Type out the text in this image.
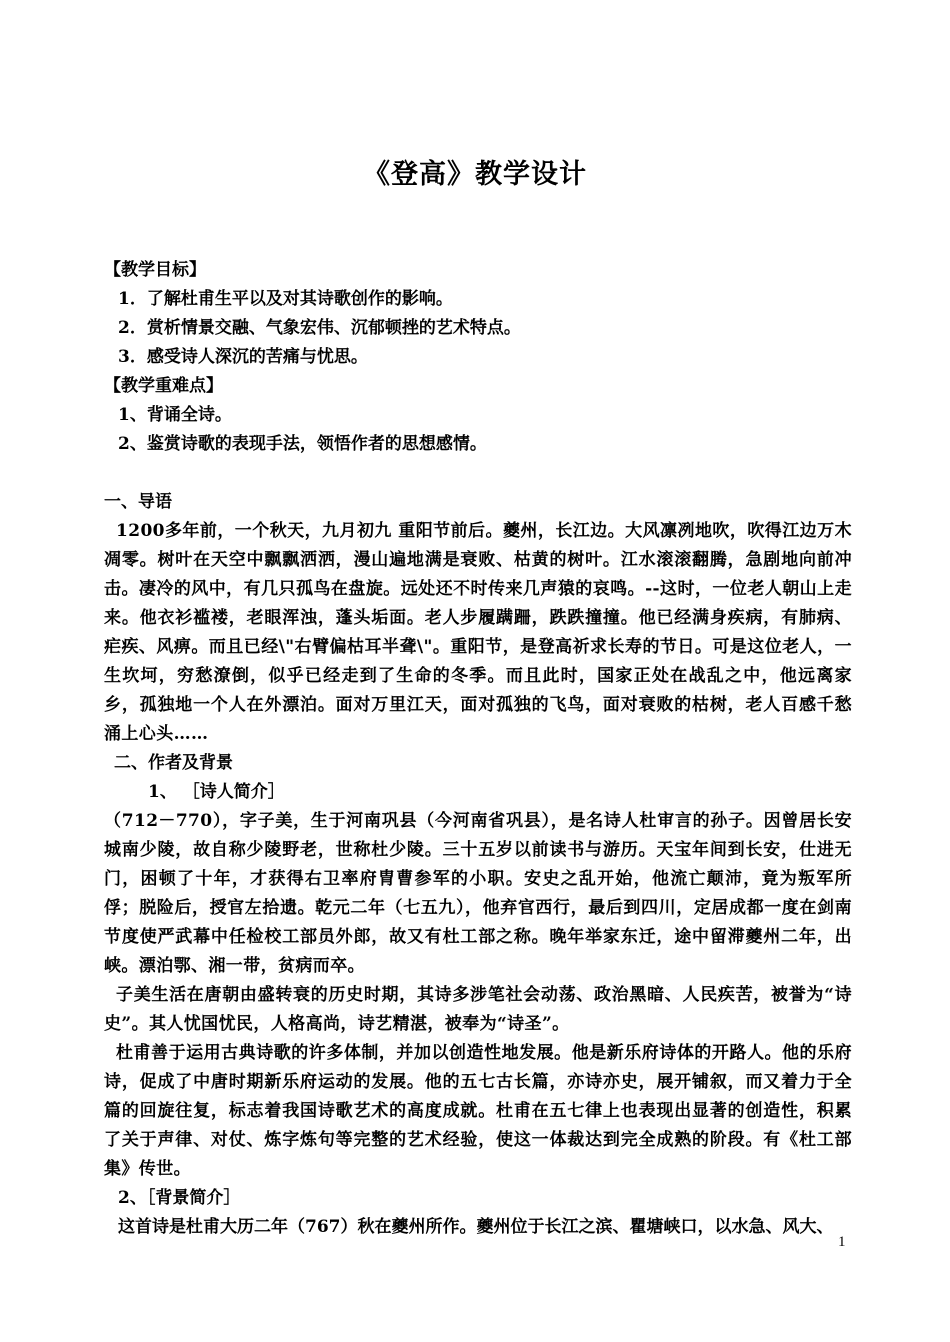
《登高》教学设计
【教学目标】
1．了解杜甫生平以及对其诗歌创作的影响。
2．赏析情景交融、气象宏伟、沉郁顿挫的艺术特点。
3．感受诗人深沉的苦痛与忧思。
【教学重难点】
1、背诵全诗。
2、鉴赏诗歌的表现手法，领悟作者的思想感情。
一、导语
1200多年前，一个秋天，九月初九 重阳节前后。夔州，长江边。大风凛冽地吹，吹得江边万木凋零。树叶在天空中飘飘洒洒，漫山遍地满是衰败、枯黄的树叶。江水滚滚翻腾，急剧地向前冲击。凄冷的风中，有几只孤鸟在盘旋。远处还不时传来几声猿的哀鸣。--这时，一位老人朝山上走来。他衣衫褴褛，老眼浑浊，蓬头垢面。老人步履蹒跚，跌跌撞撞。他已经满身疾病，有肺病、疟疾、风痹。而且已经\"右臂偏枯耳半聋\"。重阳节，是登高祈求长寿的节日。可是这位老人，一生坎坷，穷愁潦倒，似乎已经走到了生命的冬季。而且此时，国家正处在战乱之中，他远离家乡，孤独地一个人在外漂泊。面对万里江天，面对孤独的飞鸟，面对衰败的枯树，老人百感千愁涌上心头……
二、作者及背景
1、 ［诗人简介］
（712－770），字子美，生于河南巩县（今河南省巩县），是名诗人杜审言的孙子。因曾居长安城南少陵，故自称少陵野老，世称杜少陵。三十五岁以前读书与游历。天宝年间到长安，仕进无门，困顿了十年，才获得右卫率府胄曹参军的小职。安史之乱开始，他流亡颠沛，竟为叛军所俘；脱险后，授官左拾遗。乾元二年（七五九），他弃官西行，最后到四川，定居成都一度在剑南节度使严武幕中任检校工部员外郎，故又有杜工部之称。晚年举家东迁，途中留滞夔州二年，出峡。漂泊鄂、湘一带，贫病而卒。
子美生活在唐朝由盛转衰的历史时期，其诗多涉笔社会动荡、政治黑暗、人民疾苦，被誉为“诗史”。其人忧国忧民，人格高尚，诗艺精湛，被奉为“诗圣”。
杜甫善于运用古典诗歌的许多体制，并加以创造性地发展。他是新乐府诗体的开路人。他的乐府诗，促成了中唐时期新乐府运动的发展。他的五七古长篇，亦诗亦史，展开铺叙，而又着力于全篇的回旋往复，标志着我国诗歌艺术的高度成就。杜甫在五七律上也表现出显著的创造性，积累了关于声律、对仗、炼字炼句等完整的艺术经验，使这一体裁达到完全成熟的阶段。有《杜工部集》传世。
2、［背景简介］
这首诗是杜甫大历二年（767）秋在夔州所作。夔州位于长江之滨、瞿塘峡口，以水急、风大、
1
